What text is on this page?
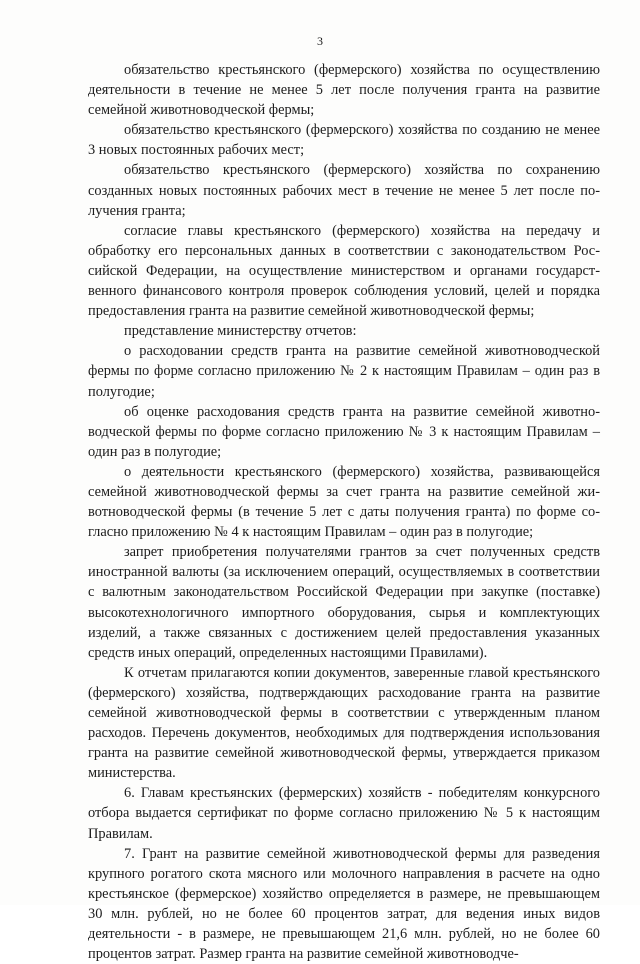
3

обязательство крестьянского (фермерского) хозяйства по осуществлению деятельности в течение не менее 5 лет после получения гранта на развитие семейной животноводческой фермы;

обязательство крестьянского (фермерского) хозяйства по созданию не менее 3 новых постоянных рабочих мест;

обязательство крестьянского (фермерского) хозяйства по сохранению созданных новых постоянных рабочих мест в течение не менее 5 лет после получения гранта;

согласие главы крестьянского (фермерского) хозяйства на передачу и обработку его персональных данных в соответствии с законодательством Российской Федерации, на осуществление министерством и органами государственного финансового контроля проверок соблюдения условий, целей и порядка предоставления гранта на развитие семейной животноводческой фермы;

представление министерству отчетов:

о расходовании средств гранта на развитие семейной животноводческой фермы по форме согласно приложению № 2 к настоящим Правилам – один раз в полугодие;

об оценке расходования средств гранта на развитие семейной животноводческой фермы по форме согласно приложению № 3 к настоящим Правилам – один раз в полугодие;

о деятельности крестьянского (фермерского) хозяйства, развивающейся семейной животноводческой фермы за счет гранта на развитие семейной животноводческой фермы (в течение 5 лет с даты получения гранта) по форме согласно приложению № 4 к настоящим Правилам – один раз в полугодие;

запрет приобретения получателями грантов за счет полученных средств иностранной валюты (за исключением операций, осуществляемых в соответствии с валютным законодательством Российской Федерации при закупке (поставке) высокотехнологичного импортного оборудования, сырья и комплектующих изделий, а также связанных с достижением целей предоставления указанных средств иных операций, определенных настоящими Правилами).

К отчетам прилагаются копии документов, заверенные главой крестьянского (фермерского) хозяйства, подтверждающих расходование гранта на развитие семейной животноводческой фермы в соответствии с утвержденным планом расходов. Перечень документов, необходимых для подтверждения использования гранта на развитие семейной животноводческой фермы, утверждается приказом министерства.

6. Главам крестьянских (фермерских) хозяйств - победителям конкурсного отбора выдается сертификат по форме согласно приложению № 5 к настоящим Правилам.

7. Грант на развитие семейной животноводческой фермы для разведения крупного рогатого скота мясного или молочного направления в расчете на одно крестьянское (фермерское) хозяйство определяется в размере, не превышающем 30 млн. рублей, но не более 60 процентов затрат, для ведения иных видов деятельности - в размере, не превышающем 21,6 млн. рублей, но не более 60 процентов затрат. Размер гранта на развитие семейной животноводче-
